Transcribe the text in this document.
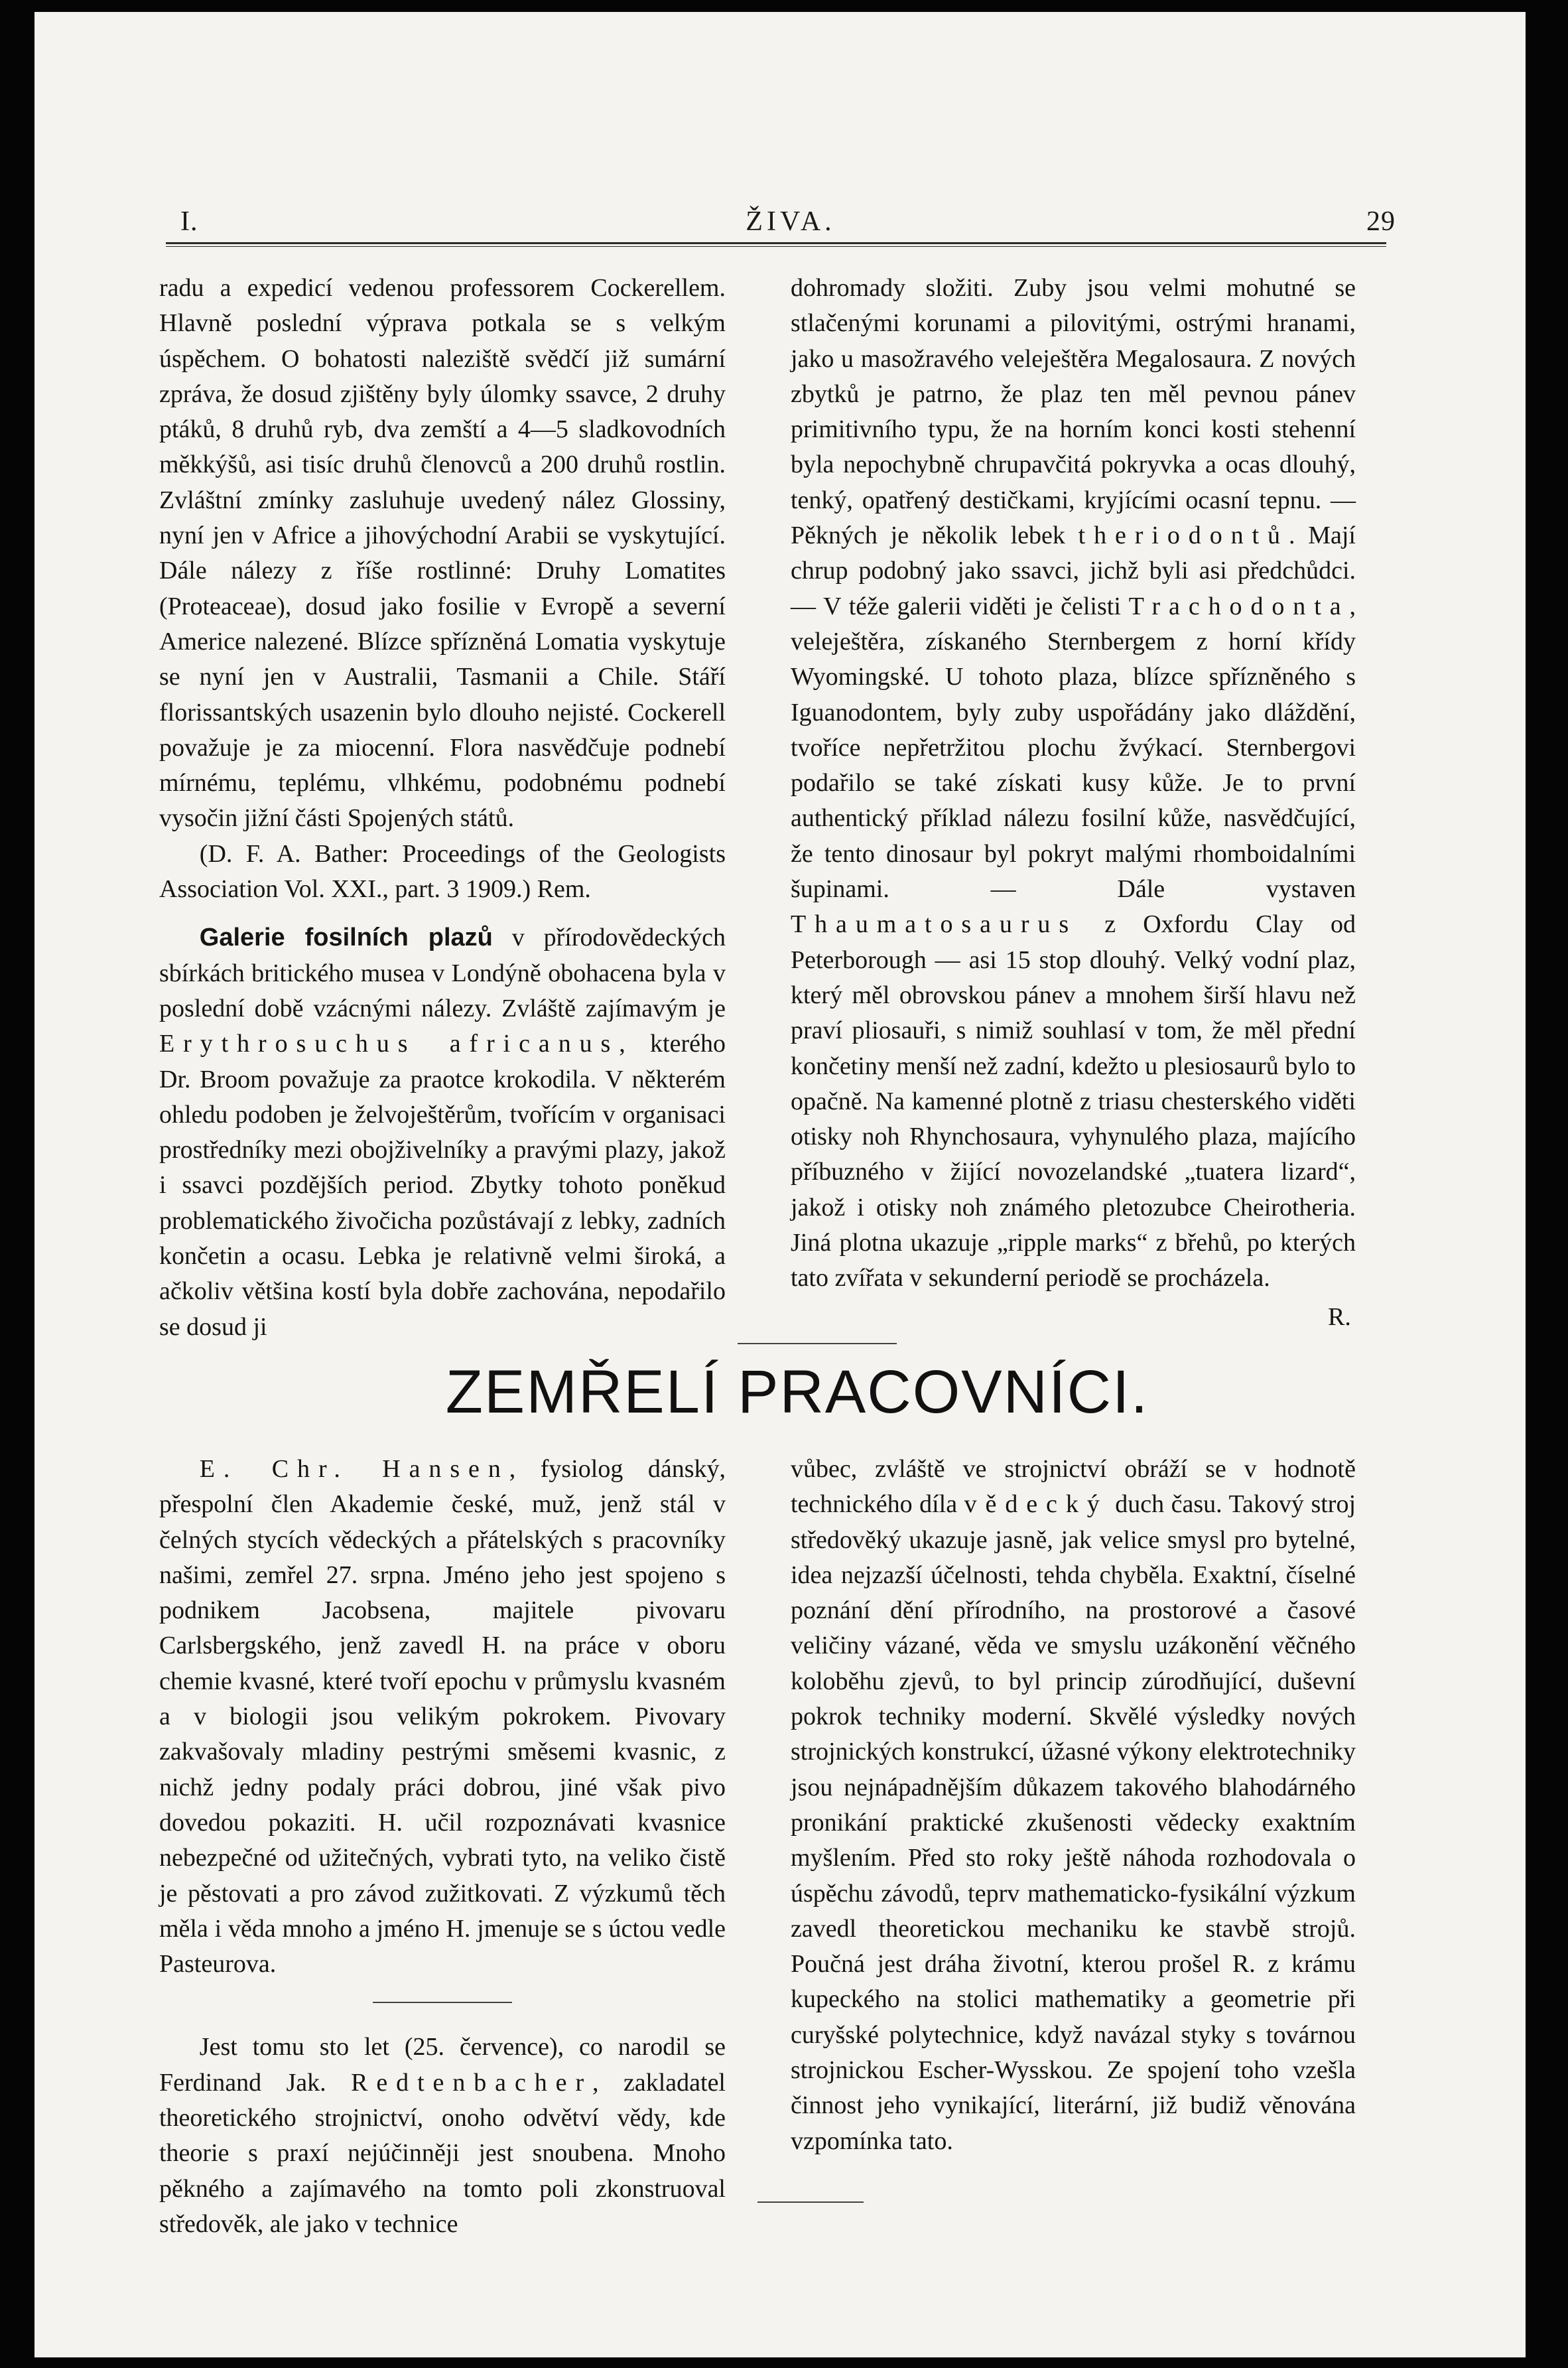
I.	ŽIVA.	29

radu a expedicí vedenou professorem Cockerellem. Hlavně poslední výprava potkala se s velkým úspěchem. O bohatosti naleziště svědčí již sumární zpráva, že dosud zjištěny byly úlomky ssavce, 2 druhy ptáků, 8 druhů ryb, dva zemští a 4—5 sladkovodních měkkýšů, asi tisíc druhů členovců a 200 druhů rostlin. Zvláštní zmínky zasluhuje uvedený nález Glossiny, nyní jen v Africe a jihovýchodní Arabii se vyskytující. Dále nálezy z říše rostlinné: Druhy Lomatites (Proteaceae), dosud jako fosilie v Evropě a severní Americe nalezené. Blízce spřízněná Lomatia vyskytuje se nyní jen v Australii, Tasmanii a Chile. Stáří florissantských usazenin bylo dlouho nejisté. Cockerell považuje je za miocenní. Flora nasvědčuje podnebí mírnému, teplému, vlhkému, podobnému podnebí vysočin jižní části Spojených států.

(D. F. A. Bather: Proceedings of the Geologists Association Vol. XXI., part. 3 1909.) Rem.

Galerie fosilních plazů v přírodovědeckých sbírkách britického musea v Londýně obohacena byla v poslední době vzácnými nálezy. Zvláště zajímavým je Erythrosuchus africanus, kterého Dr. Broom považuje za praotce krokodila. V některém ohledu podoben je želvoještěrům, tvořícím v organisaci prostředníky mezi obojživelníky a pravými plazy, jakož i ssavci pozdějších period. Zbytky tohoto poněkud problematického živočicha pozůstávají z lebky, zadních končetin a ocasu. Lebka je relativně velmi široká, a ačkoliv většina kostí byla dobře zachována, nepodařilo se dosud ji

dohromady složiti. Zuby jsou velmi mohutné se stlačenými korunami a pilovitými, ostrými hranami, jako u masožravého veleještěra Megalosaura. Z nových zbytků je patrno, že plaz ten měl pevnou pánev primitivního typu, že na horním konci kosti stehenní byla nepochybně chrupavčitá pokryvka a ocas dlouhý, tenký, opatřený destičkami, kryjícími ocasní tepnu. — Pěkných je několik lebek theriodontů. Mají chrup podobný jako ssavci, jichž byli asi předchůdci. — V téže galerii viděti je čelisti Trachodonta, veleještěra, získaného Sternbergem z horní křídy Wyomingské. U tohoto plaza, blízce spřízněného s Iguanodontem, byly zuby uspořádány jako dláždění, tvoříce nepřetržitou plochu žvýkací. Sternbergovi podařilo se také získati kusy kůže. Je to první authentický příklad nálezu fosilní kůže, nasvědčující, že tento dinosaur byl pokryt malými rhomboidalními šupinami. — Dále vystaven Thaumatosaurus z Oxfordu Clay od Peterborough — asi 15 stop dlouhý. Velký vodní plaz, který měl obrovskou pánev a mnohem širší hlavu než praví pliosauři, s nimiž souhlasí v tom, že měl přední končetiny menší než zadní, kdežto u plesiosaurů bylo to opačně. Na kamenné plotně z triasu chesterského viděti otisky noh Rhynchosaura, vyhynulého plaza, majícího příbuzného v žijící novozelandské „tuatera lizard“, jakož i otisky noh známého pletozubce Cheirotheria. Jiná plotna ukazuje „ripple marks“ z břehů, po kterých tato zvířata v sekunderní periodě se procházela.

R.
ZEMŘELÍ PRACOVNÍCI.

E. Chr. Hansen, fysiolog dánský, přespolní člen Akademie české, muž, jenž stál v čelných stycích vědeckých a přátelských s pracovníky našimi, zemřel 27. srpna. Jméno jeho jest spojeno s podnikem Jacobsena, majitele pivovaru Carlsbergského, jenž zavedl H. na práce v oboru chemie kvasné, které tvoří epochu v průmyslu kvasném a v biologii jsou velikým pokrokem. Pivovary zakvašovaly mladiny pestrými směsemi kvasnic, z nichž jedny podaly práci dobrou, jiné však pivo dovedou pokaziti. H. učil rozpoznávati kvasnice nebezpečné od užitečných, vybrati tyto, na veliko čistě je pěstovati a pro závod zužitkovati. Z výzkumů těch měla i věda mnoho a jméno H. jmenuje se s úctou vedle Pasteurova.

Jest tomu sto let (25. července), co narodil se Ferdinand Jak. Redtenbacher, zakladatel theoretického strojnictví, onoho odvětví vědy, kde theorie s praxí nejúčinněji jest snoubena. Mnoho pěkného a zajímavého na tomto poli zkonstruoval středověk, ale jako v technice

vůbec, zvláště ve strojnictví obráží se v hodnotě technického díla vědecký duch času. Takový stroj středověký ukazuje jasně, jak velice smysl pro bytelné, idea nejzazší účelnosti, tehda chyběla. Exaktní, číselné poznání dění přírodního, na prostorové a časové veličiny vázané, věda ve smyslu uzákonění věčného koloběhu zjevů, to byl princip zúrodňující, duševní pokrok techniky moderní. Skvělé výsledky nových strojnických konstrukcí, úžasné výkony elektrotechniky jsou nejnápadnějším důkazem takového blahodárného pronikání praktické zkušenosti vědecky exaktním myšlením. Před sto roky ještě náhoda rozhodovala o úspěchu závodů, teprv mathematicko-fysikální výzkum zavedl theoretickou mechaniku ke stavbě strojů. Poučná jest dráha životní, kterou prošel R. z krámu kupeckého na stolici mathematiky a geometrie při curyšské polytechnice, když navázal styky s továrnou strojnickou Escher-Wysskou. Ze spojení toho vzešla činnost jeho vynikající, literární, již budiž věnována vzpomínka tato.
